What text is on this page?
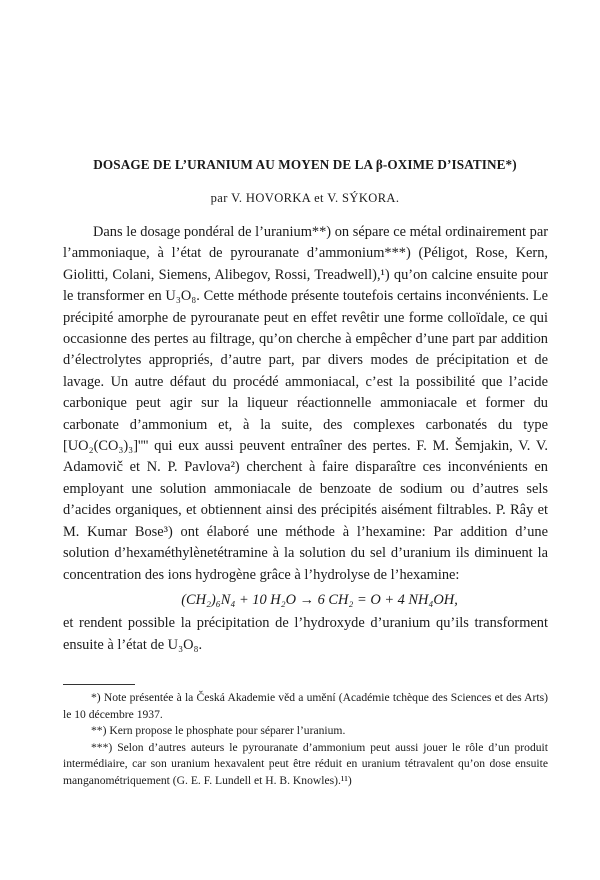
DOSAGE DE L’URANIUM AU MOYEN DE LA β-OXIME D’ISATINE*)
par V. HOVORKA et V. SÝKORA.

Dans le dosage pondéral de l’uranium**) on sépare ce métal ordinairement par l’ammoniaque, à l’état de pyrouranate d’ammonium***) (Péligot, Rose, Kern, Giolitti, Colani, Siemens, Alibegov, Rossi, Treadwell),¹) qu’on calcine ensuite pour le transformer en U₃O₈. Cette méthode présente toutefois certains inconvénients. Le précipité amorphe de pyrouranate peut en effet revêtir une forme colloïdale, ce qui occasionne des pertes au filtrage, qu’on cherche à empêcher d’une part par addition d’électrolytes appropriés, d’autre part, par divers modes de précipitation et de lavage. Un autre défaut du procédé ammoniacal, c’est la possibilité que l’acide carbonique peut agir sur la liqueur réactionnelle ammoniacale et former du carbonate d’ammonium et, à la suite, des complexes carbonatés du type [UO₂(CO₃)₃]'''' qui eux aussi peuvent entraîner des pertes. F. M. Šemjakin, V. V. Adamovič et N. P. Pavlova²) cherchent à faire disparaître ces inconvénients en employant une solution ammoniacale de benzoate de sodium ou d’autres sels d’acides organiques, et obtiennent ainsi des précipités aisément filtrables. P. Rây et M. Kumar Bose³) ont élaboré une méthode à l’hexamine: Par addition d’une solution d’hexaméthylènetétramine à la solution du sel d’uranium ils diminuent la concentration des ions hydrogène grâce à l’hydrolyse de l’hexamine:

(CH₂)₆N₄ + 10 H₂O → 6 CH₂ = O + 4 NH₄OH,

et rendent possible la précipitation de l’hydroxyde d’uranium qu’ils transforment ensuite à l’état de U₃O₈.

*) Note présentée à la Česká Akademie věd a umění (Académie tchèque des Sciences et des Arts) le 10 décembre 1937.

**) Kern propose le phosphate pour séparer l’uranium.

***) Selon d’autres auteurs le pyrouranate d’ammonium peut aussi jouer le rôle d’un produit intermédiaire, car son uranium hexavalent peut être réduit en uranium tétravalent qu’on dose ensuite manganométriquement (G. E. F. Lundell et H. B. Knowles).¹¹)
